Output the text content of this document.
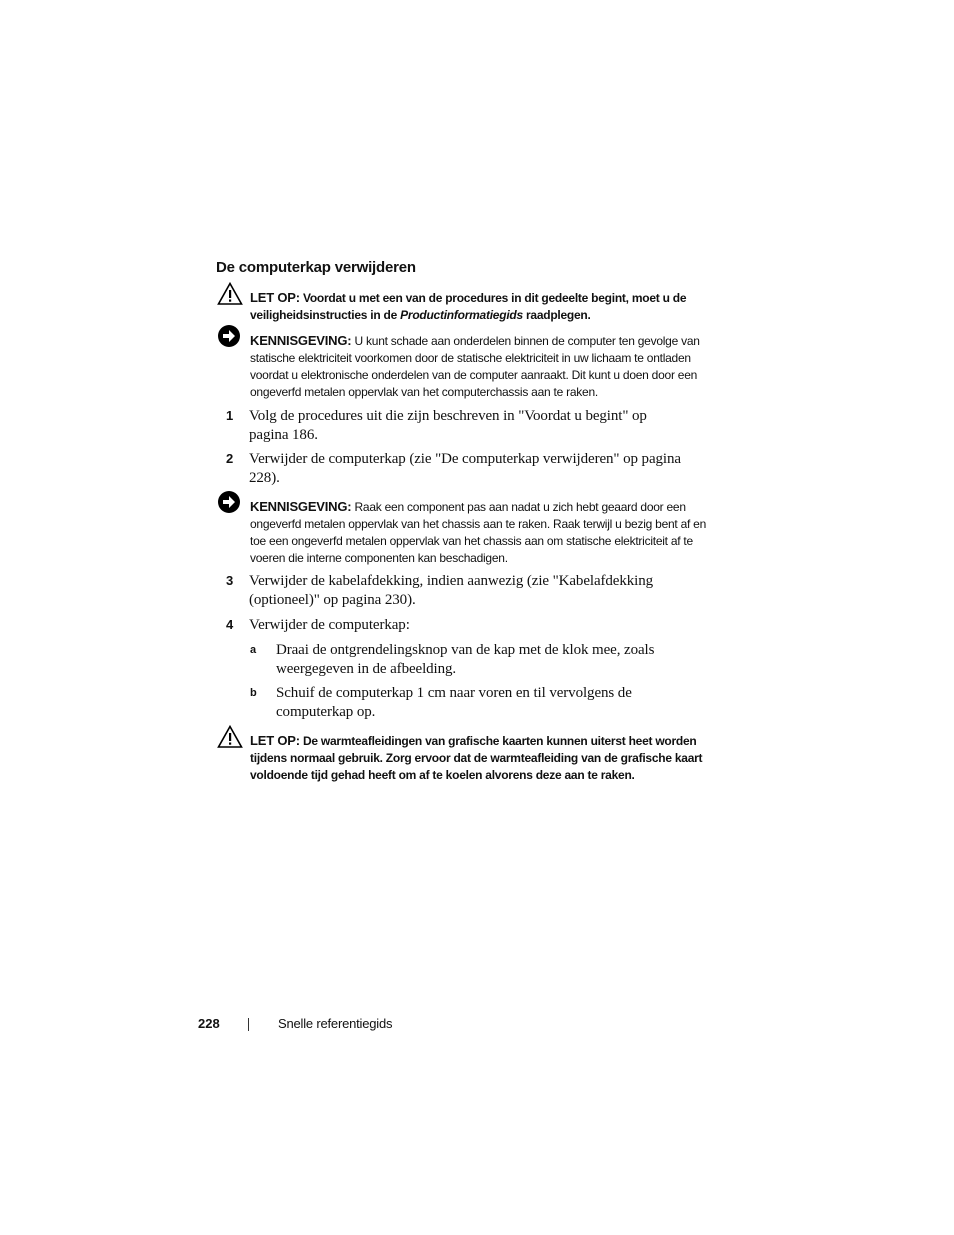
De computerkap verwijderen
LET OP: Voordat u met een van de procedures in dit gedeelte begint, moet u de veiligheidsinstructies in de Productinformatiegids raadplegen.
KENNISGEVING: U kunt schade aan onderdelen binnen de computer ten gevolge van statische elektriciteit voorkomen door de statische elektriciteit in uw lichaam te ontladen voordat u elektronische onderdelen van de computer aanraakt. Dit kunt u doen door een ongeverfd metalen oppervlak van het computerchassis aan te raken.
1 Volg de procedures uit die zijn beschreven in "Voordat u begint" op pagina 186.
2 Verwijder de computerkap (zie "De computerkap verwijderen" op pagina 228).
KENNISGEVING: Raak een component pas aan nadat u zich hebt geaard door een ongeverfd metalen oppervlak van het chassis aan te raken. Raak terwijl u bezig bent af en toe een ongeverfd metalen oppervlak van het chassis aan om statische elektriciteit af te voeren die interne componenten kan beschadigen.
3 Verwijder de kabelafdekking, indien aanwezig (zie "Kabelafdekking (optioneel)" op pagina 230).
4 Verwijder de computerkap:
a Draai de ontgrendelingsknop van de kap met de klok mee, zoals weergegeven in de afbeelding.
b Schuif de computerkap 1 cm naar voren en til vervolgens de computerkap op.
LET OP: De warmteafleidingen van grafische kaarten kunnen uiterst heet worden tijdens normaal gebruik. Zorg ervoor dat de warmteafleiding van de grafische kaart voldoende tijd gehad heeft om af te koelen alvorens deze aan te raken.
228	Snelle referentiegids
